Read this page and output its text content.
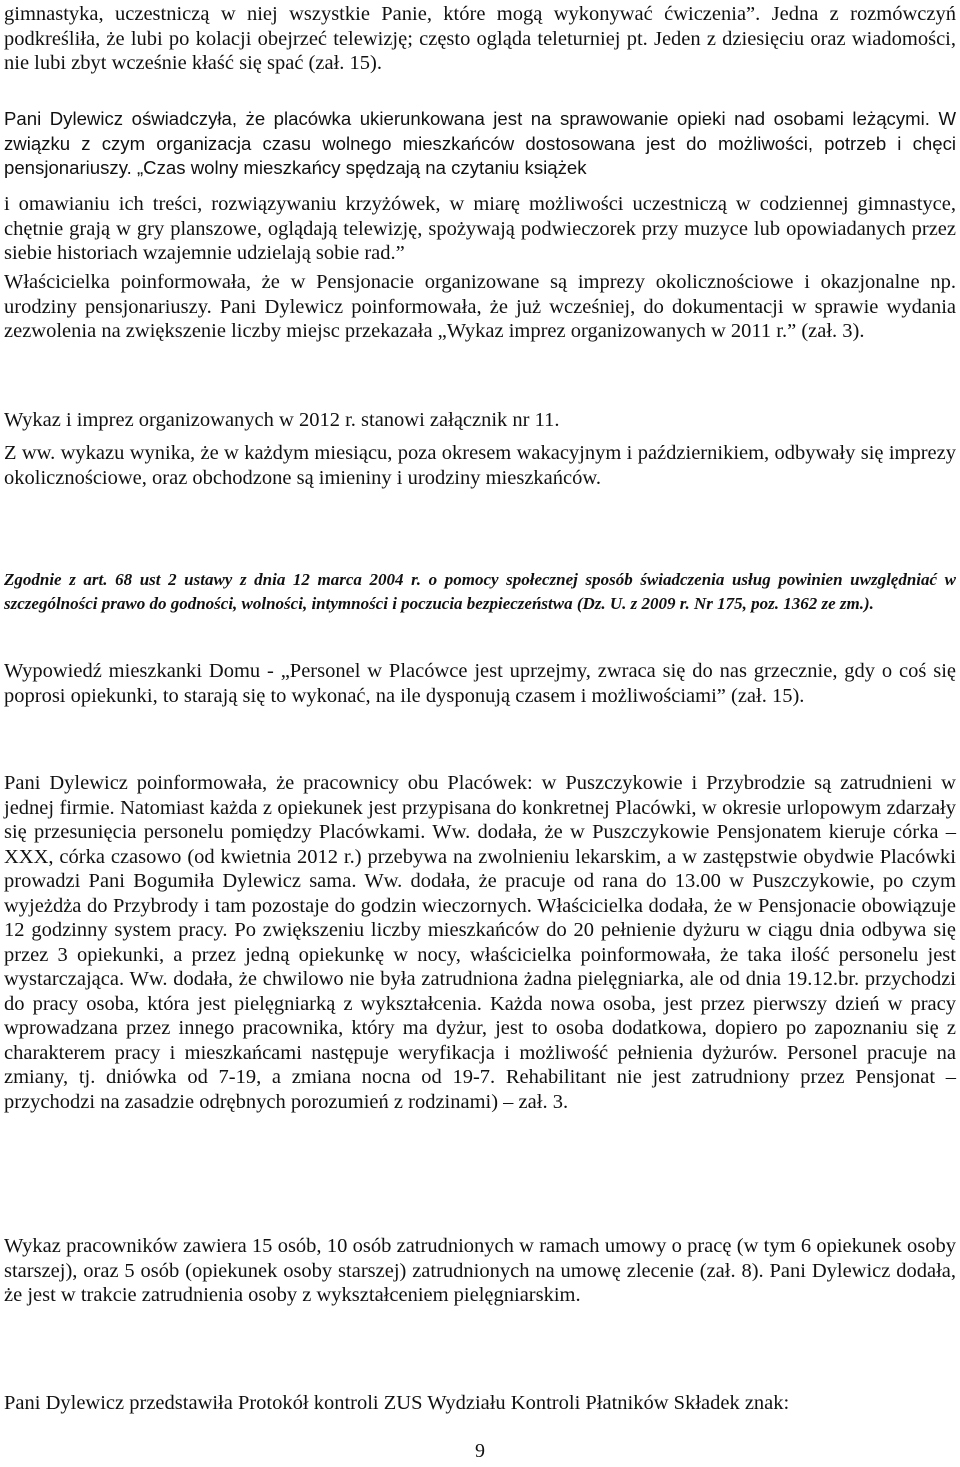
gimnastyka, uczestniczą w niej wszystkie Panie, które mogą wykonywać ćwiczenia”. Jedna z rozmówczyń podkreśliła, że lubi po kolacji obejrzeć telewizję; często ogląda teleturniej pt. Jeden z dziesięciu oraz wiadomości, nie lubi zbyt wcześnie kłaść się spać (zał. 15).

Pani Dylewicz oświadczyła, że placówka ukierunkowana jest na sprawowanie opieki nad osobami leżącymi. W związku z czym organizacja czasu wolnego mieszkańców dostosowana jest do możliwości, potrzeb i chęci pensjonariuszy. „Czas wolny mieszkańcy spędzają na czytaniu książek

i omawianiu ich treści, rozwiązywaniu krzyżówek, w miarę możliwości uczestniczą w codziennej gimnastyce, chętnie grają w gry planszowe, oglądają telewizję, spożywają podwieczorek przy muzyce lub opowiadanych przez siebie historiach wzajemnie udzielają sobie rad.”

Właścicielka poinformowała, że w Pensjonacie organizowane są imprezy okolicznościowe i okazjonalne np. urodziny pensjonariuszy. Pani Dylewicz poinformowała, że już wcześniej, do dokumentacji w sprawie wydania zezwolenia na zwiększenie liczby miejsc przekazała „Wykaz imprez organizowanych w 2011 r.” (zał. 3).

Wykaz i imprez organizowanych w 2012 r. stanowi załącznik nr 11.

Z ww. wykazu wynika, że w każdym miesiącu, poza okresem wakacyjnym i październikiem, odbywały się imprezy okolicznościowe, oraz obchodzone są imieniny i urodziny mieszkańców.

Zgodnie z art. 68 ust 2 ustawy z dnia 12 marca 2004 r. o pomocy społecznej sposób świadczenia usług powinien uwzględniać w szczególności prawo do godności, wolności, intymności i poczucia bezpieczeństwa (Dz. U. z 2009 r. Nr 175, poz. 1362 ze zm.).

Wypowiedź mieszkanki Domu - „Personel w Placówce jest uprzejmy, zwraca się do nas grzecznie, gdy o coś się poprosi opiekunki, to starają się to wykonać, na ile dysponują czasem i możliwościami” (zał. 15).

Pani Dylewicz poinformowała, że pracownicy obu Placówek: w Puszczykowie i Przybrodzie są zatrudnieni w jednej firmie. Natomiast każda z opiekunek jest przypisana do konkretnej Placówki, w okresie urlopowym zdarzały się przesunięcia personelu pomiędzy Placówkami. Ww. dodała, że w Puszczykowie Pensjonatem kieruje córka – XXX, córka czasowo (od kwietnia 2012 r.) przebywa na zwolnieniu lekarskim, a w zastępstwie obydwie Placówki prowadzi Pani Bogumiła Dylewicz sama. Ww. dodała, że pracuje od rana do 13.00 w Puszczykowie, po czym wyjeżdża do Przybrody i tam pozostaje do godzin wieczornych. Właścicielka dodała, że w Pensjonacie obowiązuje 12 godzinny system pracy. Po zwiększeniu liczby mieszkańców do 20 pełnienie dyżuru w ciągu dnia odbywa się przez 3 opiekunki, a przez jedną opiekunkę w nocy, właścicielka poinformowała, że taka ilość personelu jest wystarczająca. Ww. dodała, że chwilowo nie była zatrudniona żadna pielęgniarka, ale od dnia 19.12.br. przychodzi do pracy osoba, która jest pielęgniarką z wykształcenia. Każda nowa osoba, jest przez pierwszy dzień w pracy wprowadzana przez innego pracownika, który ma dyżur, jest to osoba dodatkowa, dopiero po zapoznaniu się z charakterem pracy i mieszkańcami następuje weryfikacja i możliwość pełnienia dyżurów. Personel pracuje na zmiany, tj. dniówka od 7-19, a zmiana nocna od 19-7. Rehabilitant nie jest zatrudniony przez Pensjonat – przychodzi na zasadzie odrębnych porozumień z rodzinami) – zał. 3.

Wykaz pracowników zawiera 15 osób, 10 osób zatrudnionych w ramach umowy o pracę (w tym 6 opiekunek osoby starszej), oraz 5 osób (opiekunek osoby starszej) zatrudnionych na umowę zlecenie (zał. 8). Pani Dylewicz dodała, że jest w trakcie zatrudnienia osoby z wykształceniem pielęgniarskim.

Pani Dylewicz przedstawiła Protokół kontroli ZUS Wydziału Kontroli Płatników Składek znak:

9
